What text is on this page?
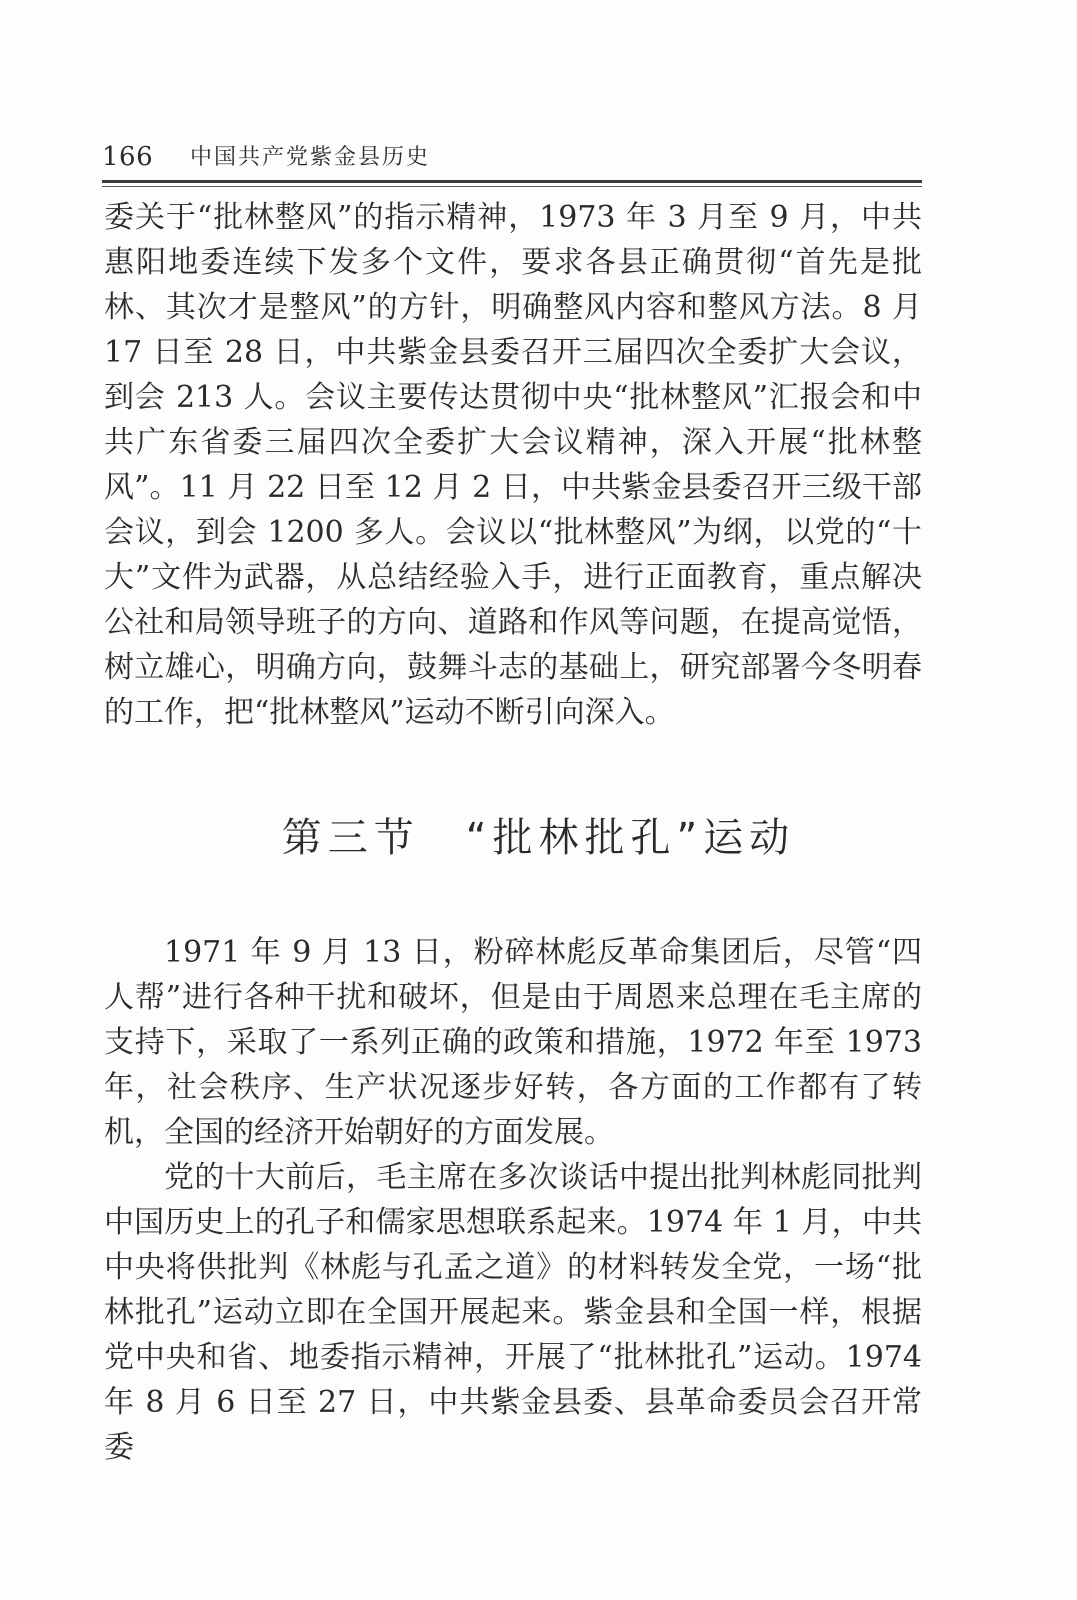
166 中国共产党紫金县历史

委关于“批林整风”的指示精神，1973 年 3 月至 9 月，中共惠阳地委连续下发多个文件，要求各县正确贯彻“首先是批林、其次才是整风”的方针，明确整风内容和整风方法。8 月 17 日至 28 日，中共紫金县委召开三届四次全委扩大会议，到会 213 人。会议主要传达贯彻中央“批林整风”汇报会和中共广东省委三届四次全委扩大会议精神，深入开展“批林整风”。11 月 22 日至 12 月 2 日，中共紫金县委召开三级干部会议，到会 1200 多人。会议以“批林整风”为纲，以党的“十大”文件为武器，从总结经验入手，进行正面教育，重点解决公社和局领导班子的方向、道路和作风等问题，在提高觉悟，树立雄心，明确方向，鼓舞斗志的基础上，研究部署今冬明春的工作，把“批林整风”运动不断引向深入。

第三节　“批林批孔”运动

1971 年 9 月 13 日，粉碎林彪反革命集团后，尽管“四人帮”进行各种干扰和破坏，但是由于周恩来总理在毛主席的支持下，采取了一系列正确的政策和措施，1972 年至 1973 年，社会秩序、生产状况逐步好转，各方面的工作都有了转机，全国的经济开始朝好的方面发展。

党的十大前后，毛主席在多次谈话中提出批判林彪同批判中国历史上的孔子和儒家思想联系起来。1974 年 1 月，中共中央将供批判《林彪与孔孟之道》的材料转发全党，一场“批林批孔”运动立即在全国开展起来。紫金县和全国一样，根据党中央和省、地委指示精神，开展了“批林批孔”运动。1974 年 8 月 6 日至 27 日，中共紫金县委、县革命委员会召开常委
